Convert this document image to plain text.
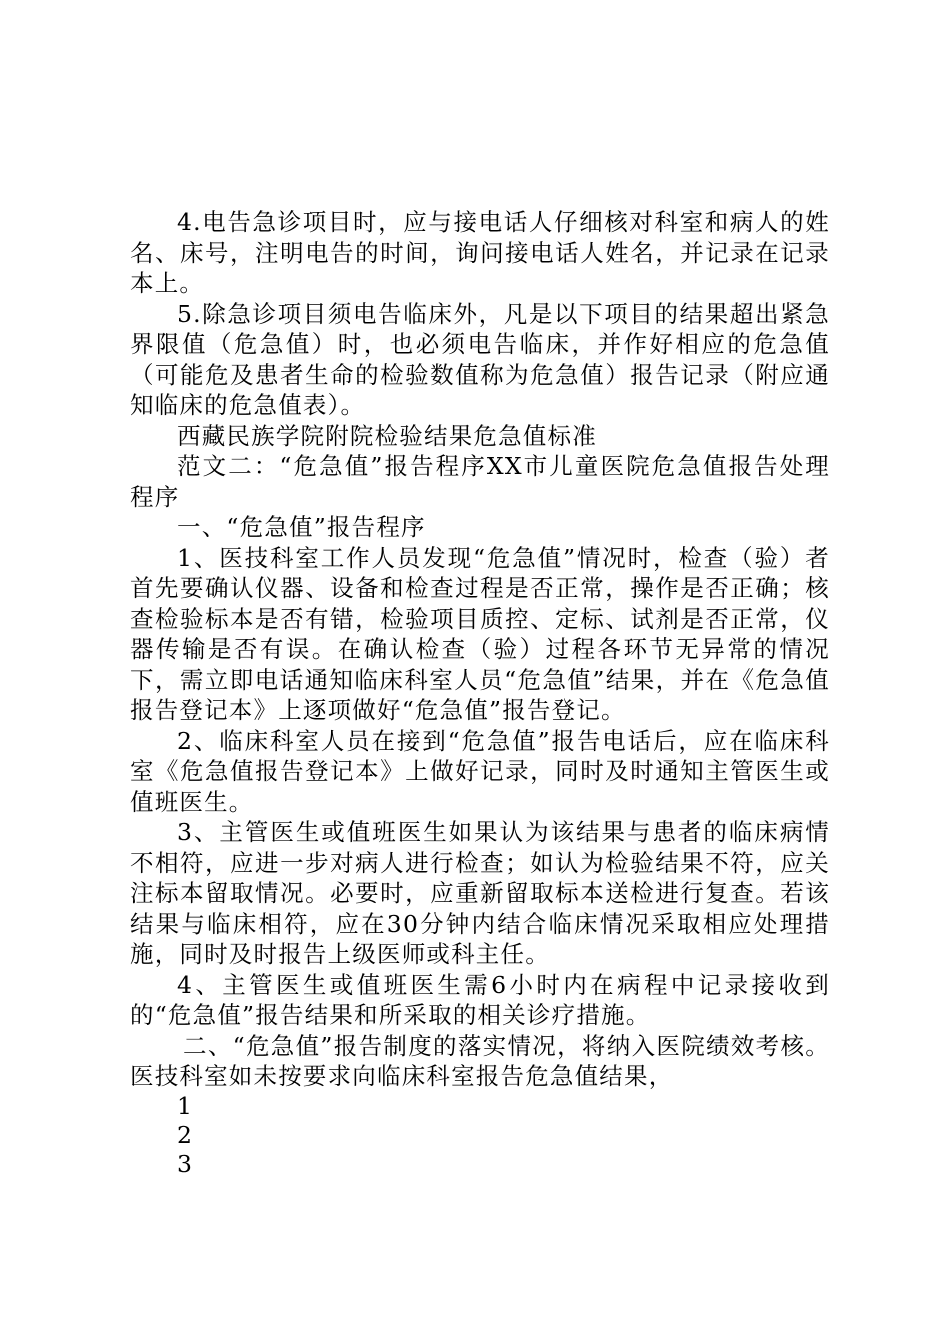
4.电告急诊项目时，应与接电话人仔细核对科室和病人的姓名、床号，注明电告的时间，询问接电话人姓名，并记录在记录本上。

5.除急诊项目须电告临床外，凡是以下项目的结果超出紧急界限值（危急值）时，也必须电告临床，并作好相应的危急值（可能危及患者生命的检验数值称为危急值）报告记录（附应通知临床的危急值表）。

西藏民族学院附院检验结果危急值标准

范文二：“危急值”报告程序XX市儿童医院危急值报告处理程序

一、“危急值”报告程序

1、医技科室工作人员发现“危急值”情况时，检查（验）者首先要确认仪器、设备和检查过程是否正常，操作是否正确；核查检验标本是否有错，检验项目质控、定标、试剂是否正常，仪器传输是否有误。在确认检查（验）过程各环节无异常的情况下，需立即电话通知临床科室人员“危急值”结果，并在《危急值报告登记本》上逐项做好“危急值”报告登记。

2、临床科室人员在接到“危急值”报告电话后，应在临床科室《危急值报告登记本》上做好记录，同时及时通知主管医生或值班医生。

3、主管医生或值班医生如果认为该结果与患者的临床病情不相符，应进一步对病人进行检查；如认为检验结果不符，应关注标本留取情况。必要时，应重新留取标本送检进行复查。若该结果与临床相符，应在30分钟内结合临床情况采取相应处理措施，同时及时报告上级医师或科主任。

4、主管医生或值班医生需6小时内在病程中记录接收到的“危急值”报告结果和所采取的相关诊疗措施。

二、“危急值”报告制度的落实情况，将纳入医院绩效考核。医技科室如未按要求向临床科室报告危急值结果，

1

2

3
